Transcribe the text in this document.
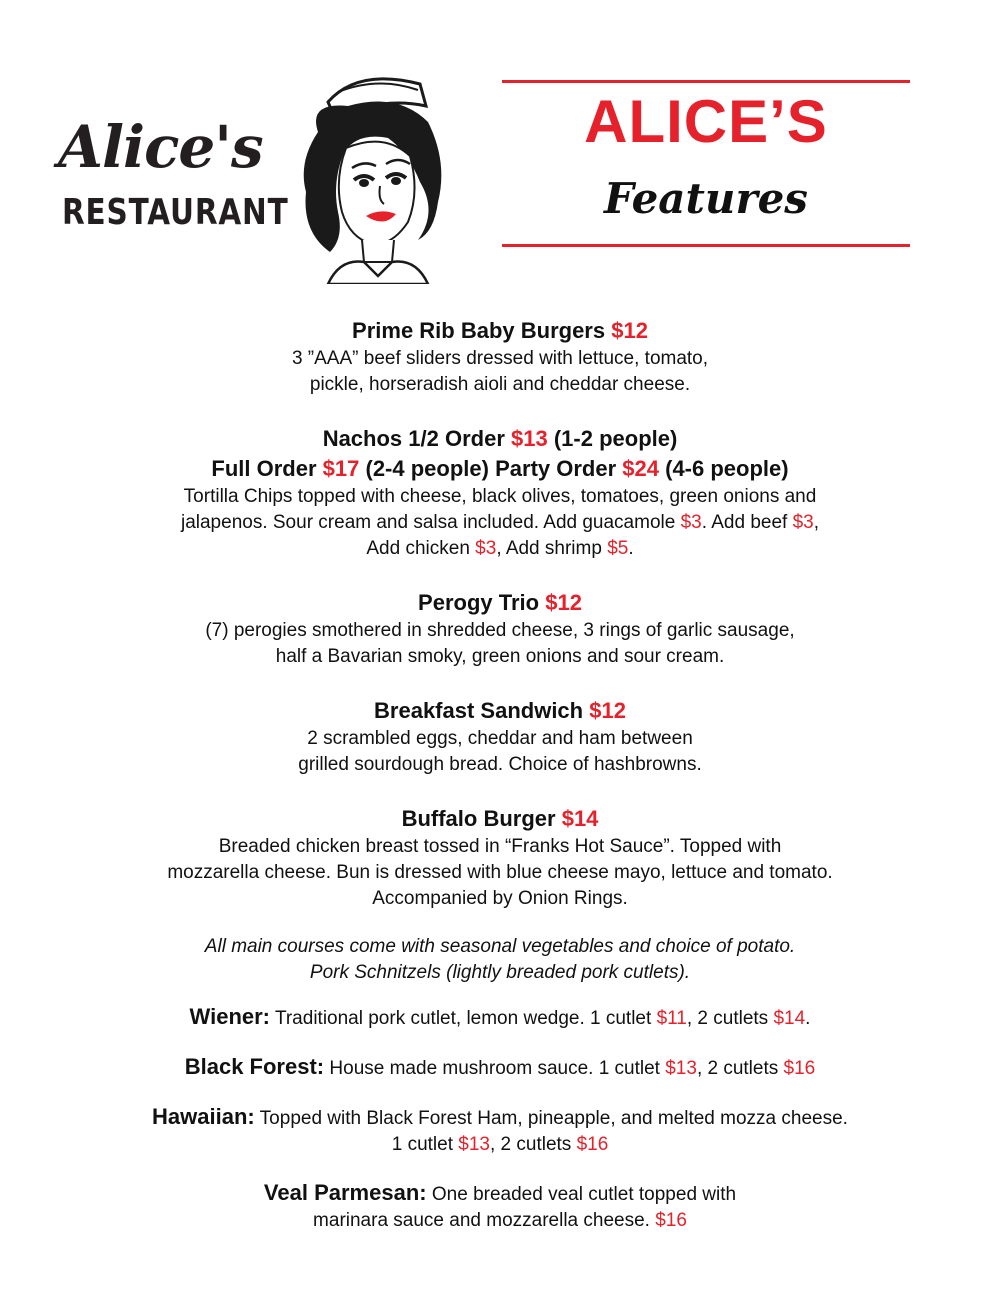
Alice's
RESTAURANT
ALICE’S
Features
Prime Rib Baby Burgers $12
3 ”AAA” beef sliders dressed with lettuce, tomato,
pickle, horseradish aioli and cheddar cheese.
Nachos 1/2 Order $13 (1-2 people)
Full Order $17 (2-4 people) Party Order $24 (4-6 people)
Tortilla Chips topped with cheese, black olives, tomatoes, green onions and
jalapenos. Sour cream and salsa included. Add guacamole $3. Add beef $3,
Add chicken $3, Add shrimp $5.
Perogy Trio $12
(7) perogies smothered in shredded cheese, 3 rings of garlic sausage,
half a Bavarian smoky, green onions and sour cream.
Breakfast Sandwich $12
2 scrambled eggs, cheddar and ham between
grilled sourdough bread. Choice of hashbrowns.
Buffalo Burger $14
Breaded chicken breast tossed in “Franks Hot Sauce”. Topped with
mozzarella cheese. Bun is dressed with blue cheese mayo, lettuce and tomato.
Accompanied by Onion Rings.
All main courses come with seasonal vegetables and choice of potato.
Pork Schnitzels (lightly breaded pork cutlets).
Wiener: Traditional pork cutlet, lemon wedge. 1 cutlet $11, 2 cutlets $14.
Black Forest: House made mushroom sauce. 1 cutlet $13, 2 cutlets $16
Hawaiian: Topped with Black Forest Ham, pineapple, and melted mozza cheese.
1 cutlet $13, 2 cutlets $16
Veal Parmesan: One breaded veal cutlet topped with
marinara sauce and mozzarella cheese. $16
